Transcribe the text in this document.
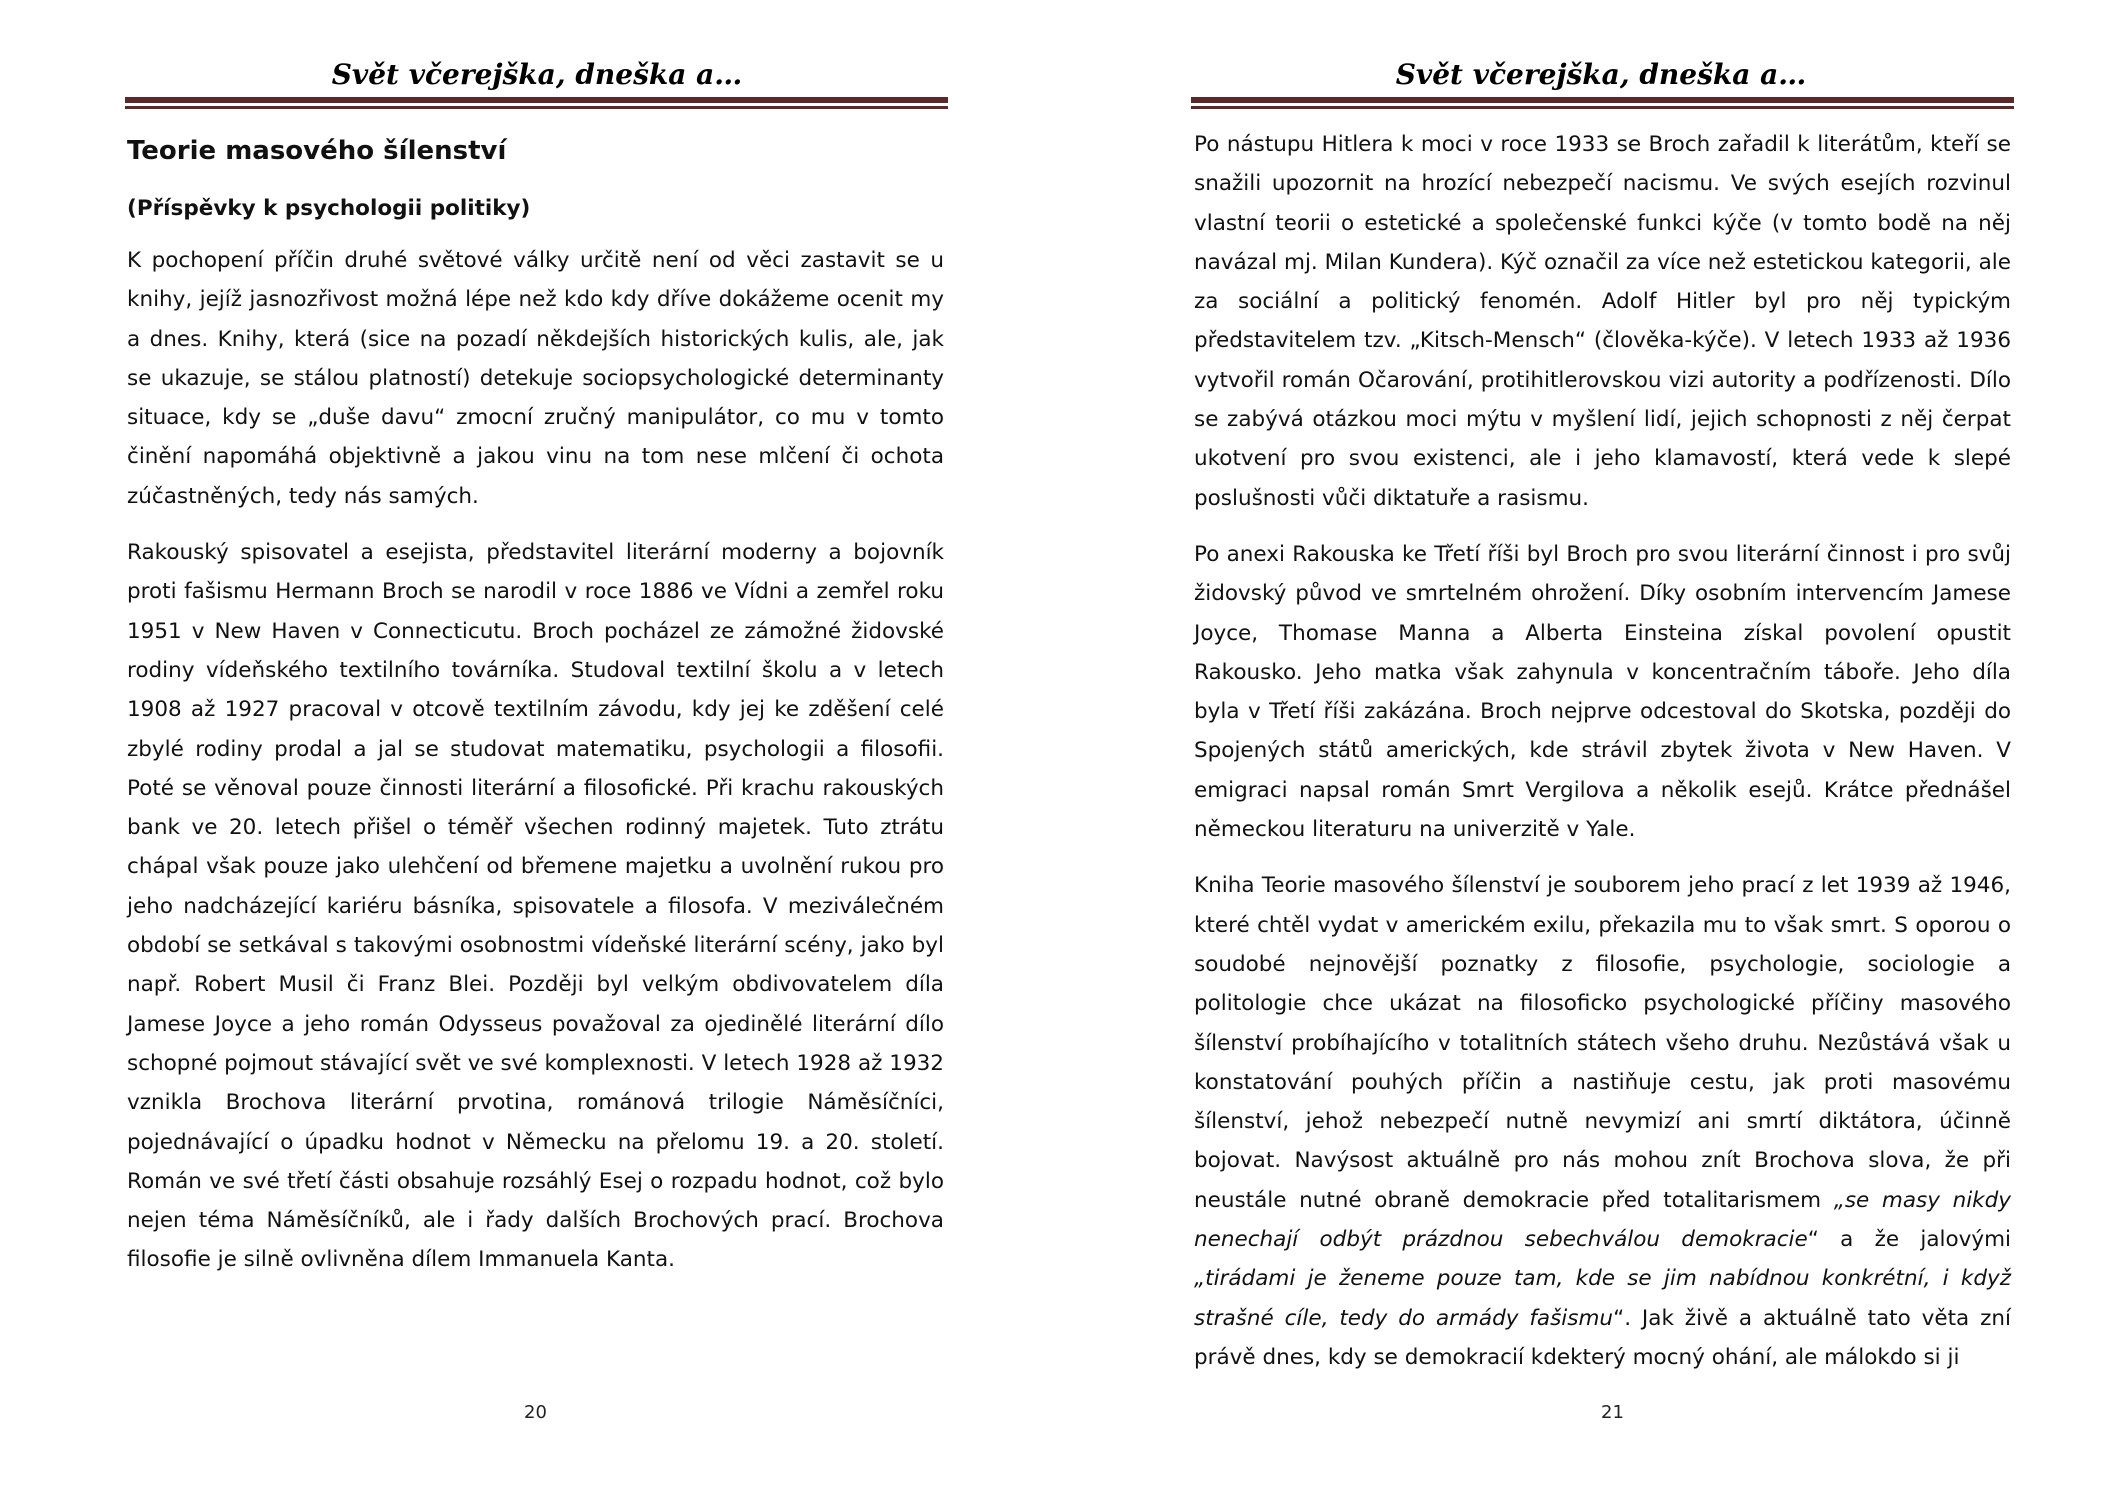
Svět včerejška, dneška a…
Teorie masového šílenství
(Příspěvky k psychologii politiky)

K pochopení příčin druhé světové války určitě není od věci zastavit se u knihy, jejíž jasnozřivost možná lépe než kdo kdy dříve dokážeme ocenit my a dnes. Knihy, která (sice na pozadí někdejších historických kulis, ale, jak se ukazuje, se stálou platností) detekuje sociopsychologické determinanty situace, kdy se „duše davu“ zmocní zručný manipulátor, co mu v tomto činění napomáhá objektivně a jakou vinu na tom nese mlčení či ochota zúčastněných, tedy nás samých.

Rakouský spisovatel a esejista, představitel literární moderny a bojovník proti fašismu Hermann Broch se narodil v roce 1886 ve Vídni a zemřel roku 1951 v New Haven v Connecticutu. Broch pocházel ze zámožné židovské rodiny vídeňského textilního továrníka. Studoval textilní školu a v letech 1908 až 1927 pracoval v otcově textilním závodu, kdy jej ke zděšení celé zbylé rodiny prodal a jal se studovat matematiku, psychologii a filosofii. Poté se věnoval pouze činnosti literární a filosofické. Při krachu rakouských bank ve 20. letech přišel o téměř všechen rodinný majetek. Tuto ztrátu chápal však pouze jako ulehčení od břemene majetku a uvolnění rukou pro jeho nadcházející kariéru básníka, spisovatele a filosofa. V meziválečném období se setkával s takovými osobnostmi vídeňské literární scény, jako byl např. Robert Musil či Franz Blei. Později byl velkým obdivovatelem díla Jamese Joyce a jeho román Odysseus považoval za ojedinělé literární dílo schopné pojmout stávající svět ve své komplexnosti. V letech 1928 až 1932 vznikla Brochova literární prvotina, románová trilogie Náměsíčníci, pojednávající o úpadku hodnot v Německu na přelomu 19. a 20. století. Román ve své třetí části obsahuje rozsáhlý Esej o rozpadu hodnot, což bylo nejen téma Náměsíčníků, ale i řady dalších Brochových prací. Brochova filosofie je silně ovlivněna dílem Immanuela Kanta.

20
Svět včerejška, dneška a…

Po nástupu Hitlera k moci v roce 1933 se Broch zařadil k literátům, kteří se snažili upozornit na hrozící nebezpečí nacismu. Ve svých esejích rozvinul vlastní teorii o estetické a společenské funkci kýče (v tomto bodě na něj navázal mj. Milan Kundera). Kýč označil za více než estetickou kategorii, ale za sociální a politický fenomén. Adolf Hitler byl pro něj typickým představitelem tzv. „Kitsch-Mensch“ (člověka-kýče). V letech 1933 až 1936 vytvořil román Očarování, protihitlerovskou vizi autority a podřízenosti. Dílo se zabývá otázkou moci mýtu v myšlení lidí, jejich schopnosti z něj čerpat ukotvení pro svou existenci, ale i jeho klamavostí, která vede k slepé poslušnosti vůči diktatuře a rasismu.

Po anexi Rakouska ke Třetí říši byl Broch pro svou literární činnost i pro svůj židovský původ ve smrtelném ohrožení. Díky osobním intervencím Jamese Joyce, Thomase Manna a Alberta Einsteina získal povolení opustit Rakousko. Jeho matka však zahynula v koncentračním táboře. Jeho díla byla v Třetí říši zakázána. Broch nejprve odcestoval do Skotska, později do Spojených států amerických, kde strávil zbytek života v New Haven. V emigraci napsal román Smrt Vergilova a několik esejů. Krátce přednášel německou literaturu na univerzitě v Yale.

Kniha Teorie masového šílenství je souborem jeho prací z let 1939 až 1946, které chtěl vydat v americkém exilu, překazila mu to však smrt. S oporou o soudobé nejnovější poznatky z filosofie, psychologie, sociologie a politologie chce ukázat na filosoficko psychologické příčiny masového šílenství probíhajícího v totalitních státech všeho druhu. Nezůstává však u konstatování pouhých příčin a nastiňuje cestu, jak proti masovému šílenství, jehož nebezpečí nutně nevymizí ani smrtí diktátora, účinně bojovat. Navýsost aktuálně pro nás mohou znít Brochova slova, že při neustále nutné obraně demokracie před totalitarismem „se masy nikdy nenechají odbýt prázdnou sebechválou demokracie“ a že jalovými „tirádami je ženeme pouze tam, kde se jim nabídnou konkrétní, i když strašné cíle, tedy do armády fašismu“. Jak živě a aktuálně tato věta zní právě dnes, kdy se demokracií kdekterý mocný ohání, ale málokdo si ji

21
